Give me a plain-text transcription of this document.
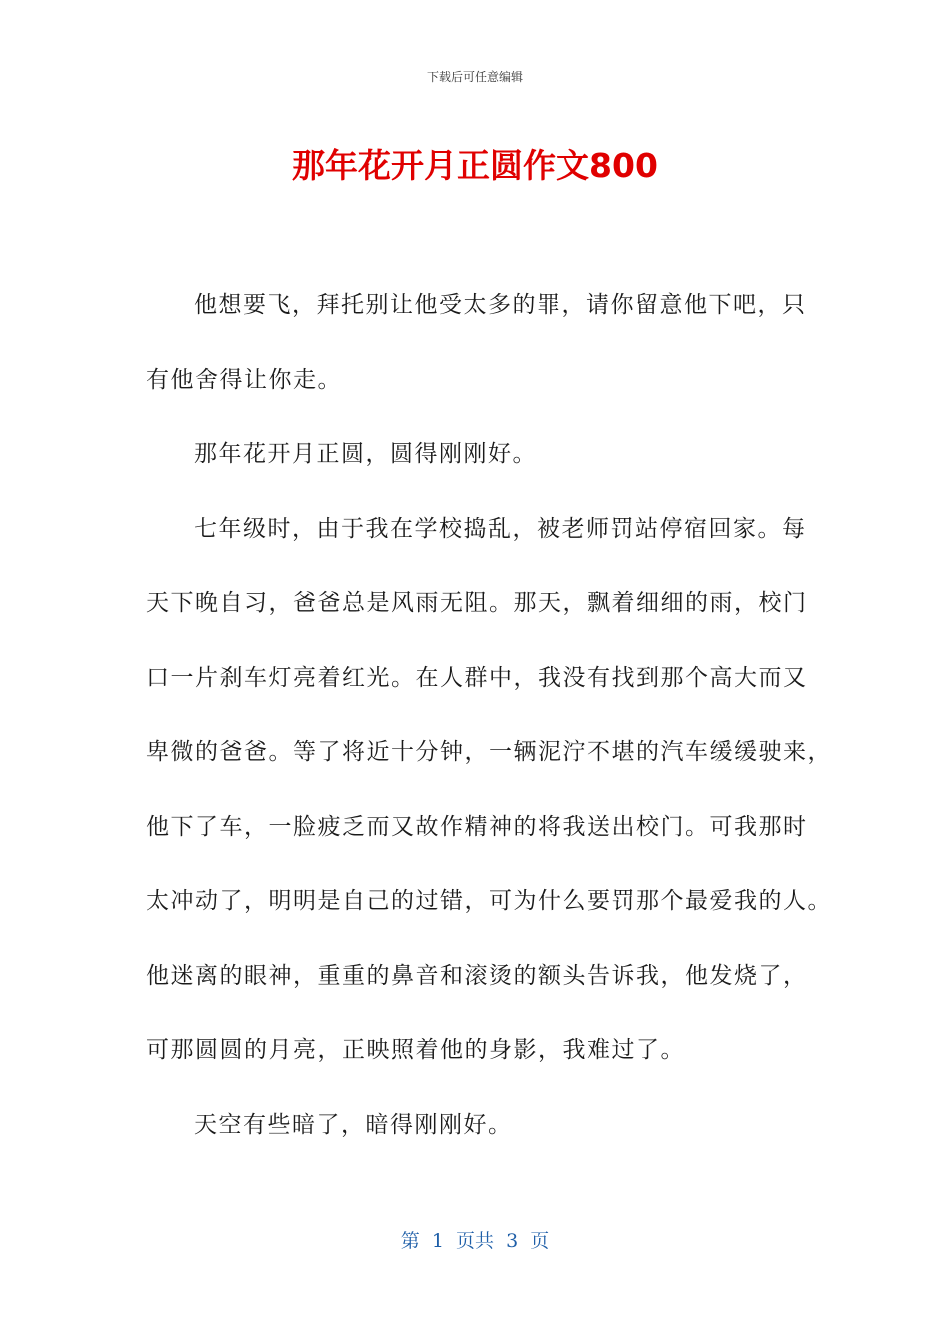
下载后可任意编辑
那年花开月正圆作文800
他想要飞，拜托别让他受太多的罪，请你留意他下吧，只
有他舍得让你走。
那年花开月正圆，圆得刚刚好。
七年级时，由于我在学校捣乱，被老师罚站停宿回家。每
天下晚自习，爸爸总是风雨无阻。那天，飘着细细的雨，校门
口一片刹车灯亮着红光。在人群中，我没有找到那个高大而又
卑微的爸爸。等了将近十分钟，一辆泥泞不堪的汽车缓缓驶来，
他下了车，一脸疲乏而又故作精神的将我送出校门。可我那时
太冲动了，明明是自己的过错，可为什么要罚那个最爱我的人。
他迷离的眼神，重重的鼻音和滚烫的额头告诉我，他发烧了，
可那圆圆的月亮，正映照着他的身影，我难过了。
天空有些暗了，暗得刚刚好。
第  1  页共  3  页
